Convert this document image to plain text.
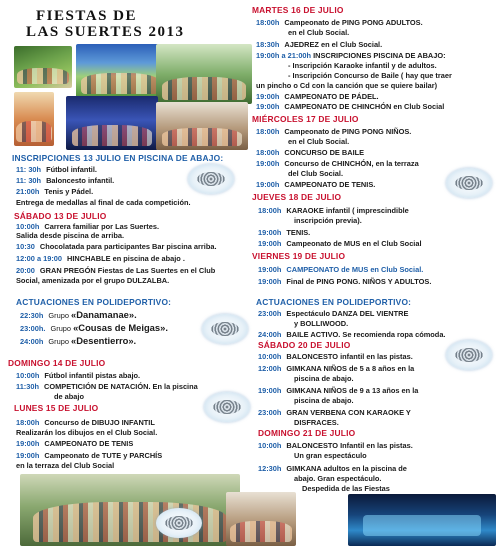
FIESTAS DE
LAS SUERTES 2013
INSCRIPCIONES 13 JULIO EN PISCINA DE ABAJO:
11: 30h Fútbol infantil.
11: 30h Baloncesto infantil.
21:00h Tenis y Pádel.
Entrega de medallas al final de cada competición.
SÁBADO 13 DE JULIO
10:00h Carrera familiar por Las Suertes.
Salida desde piscina de arriba.
10:30 Chocolatada para participantes Bar piscina arriba.
12:00 a 19:00 HINCHABLE en piscina de abajo .
20:00 GRAN PREGÓN Fiestas de Las Suertes en el Club
Social, amenizada por el grupo DULZALBA.
ACTUACIONES EN POLIDEPORTIVO:
22:30h Grupo «Danamanae».
23:00h. Grupo «Cousas de Meigas».
24:00h Grupo «Desentierro».
DOMINGO 14 DE JULIO
10:00h Fútbol infantil pistas abajo.
11:30h COMPETICIÓN DE NATACIÓN. En la piscina
de abajo
LUNES 15 DE JULIO
18:00h Concurso de DIBUJO INFANTIL
Realizarán los dibujos en el Club Social.
19:00h CAMPEONATO DE TENIS
19:00h Campeonato de TUTE y PARCHÍS
en la terraza del Club Social
MARTES 16 DE JULIO
18:00h Campeonato de PING PONG ADULTOS.
en el Club Social.
18:30h AJEDREZ en el Club Social.
19:00h a 21:00h INSCRIPCIONES PISCINA DE ABAJO:
- Inscripción Karaoke infantil y de adultos.
- Inscripción Concurso de Baile ( hay que traer
un pincho o Cd con la canción que se quiere bailar)
19:00h CAMPEONATO DE PÁDEL.
19:00h CAMPEONATO DE CHINCHÓN en Club Social
MIÉRCOLES 17 DE JULIO
18:00h Campeonato de PING PONG NIÑOS.
en el Club Social.
18:00h CONCURSO DE BAILE
19:00h Concurso de CHINCHÓN, en la terraza
del Club Social.
19:00h CAMPEONATO DE TENIS.
JUEVES 18 DE JULIO
18:00h KARAOKE infantil ( imprescindible
inscripción previa).
19:00h TENIS.
19:00h Campeonato de MUS en el Club Social
VIERNES 19 DE JULIO
19:00h CAMPEONATO de MUS en Club Social.
19:00h Final de PING PONG. NIÑOS Y ADULTOS.
ACTUACIONES EN POLIDEPORTIVO:
23:00h Espectáculo DANZA DEL VIENTRE
y BOLLIWOOD.
24:00h BAILE ACTIVO. Se recomienda ropa cómoda.
SÁBADO 20 DE JULIO
10:00h BALONCESTO infantil en las pistas.
12:00h GIMKANA NIÑOS de 5 a 8 años en la
piscina de abajo.
19:00h GIMKANA NIÑOS de 9 a 13 años en la
piscina de abajo.
23:00h GRAN VERBENA CON KARAOKE Y
DISFRACES.
DOMINGO 21 DE JULIO
10:00h BALONCESTO Infantil en las pistas.
Un gran espectáculo
12:30h GIMKANA adultos en la piscina de
abajo. Gran espectáculo.
Despedida de las Fiestas
